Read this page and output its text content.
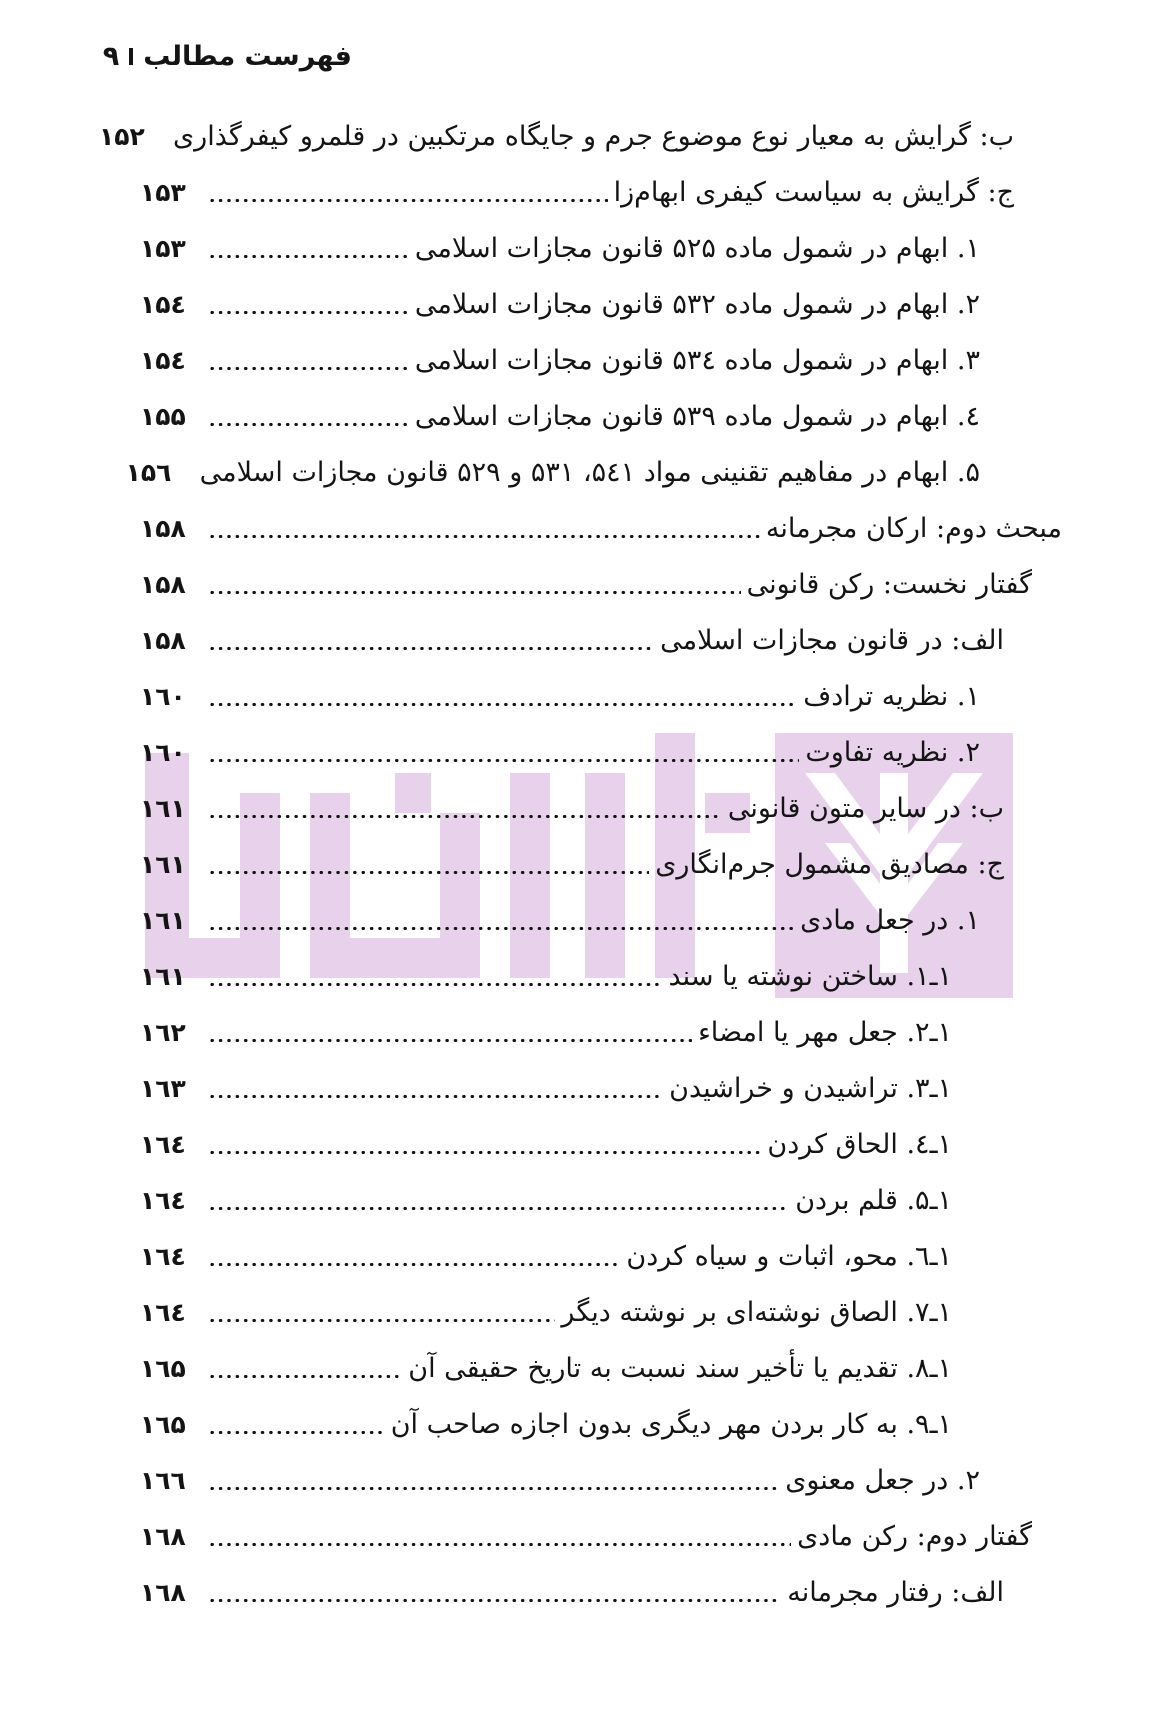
فهرست مطالب
۹
ب: گرایش به معیار نوع موضوع جرم و جایگاه مرتکبین در قلمرو کیفرگذاری
۱۵۲
ج: گرایش به سیاست کیفری ابهام‌زا
۱۵۳
۱. ابهام در شمول ماده ۵۲۵ قانون مجازات اسلامی
۱۵۳
۲. ابهام در شمول ماده ۵۳۲ قانون مجازات اسلامی
۱۵٤
۳. ابهام در شمول ماده ۵۳٤ قانون مجازات اسلامی
۱۵٤
٤. ابهام در شمول ماده ۵۳۹ قانون مجازات اسلامی
۱۵۵
۵. ابهام در مفاهیم تقنینی مواد ۵٤۱، ۵۳۱ و ۵۲۹ قانون مجازات اسلامی
۱۵٦
مبحث دوم: ارکان مجرمانه
۱۵۸
گفتار نخست: رکن قانونی
۱۵۸
الف: در قانون مجازات اسلامی
۱۵۸
۱. نظریه ترادف
۱٦۰
۲. نظریه تفاوت
۱٦۰
ب: در سایر متون قانونی
۱٦۱
ج: مصادیق مشمول جرم‌انگاری
۱٦۱
۱. در جعل مادی
۱٦۱
۱ـ۱. ساختن نوشته یا سند
۱٦۱
۱ـ۲. جعل مهر یا امضاء
۱٦۲
۱ـ۳. تراشیدن و خراشیدن
۱٦۳
۱ـ٤. الحاق کردن
۱٦٤
۱ـ۵. قلم بردن
۱٦٤
۱ـ٦. محو، اثبات و سیاه کردن
۱٦٤
۱ـ۷. الصاق نوشته‌ای بر نوشته دیگر
۱٦٤
۱ـ۸. تقدیم یا تأخیر سند نسبت به تاریخ حقیقی آن
۱٦۵
۱ـ۹. به کار بردن مهر دیگری بدون اجازه صاحب آن
۱٦۵
۲. در جعل معنوی
۱٦٦
گفتار دوم: رکن مادی
۱٦۸
الف: رفتار مجرمانه
۱٦۸
